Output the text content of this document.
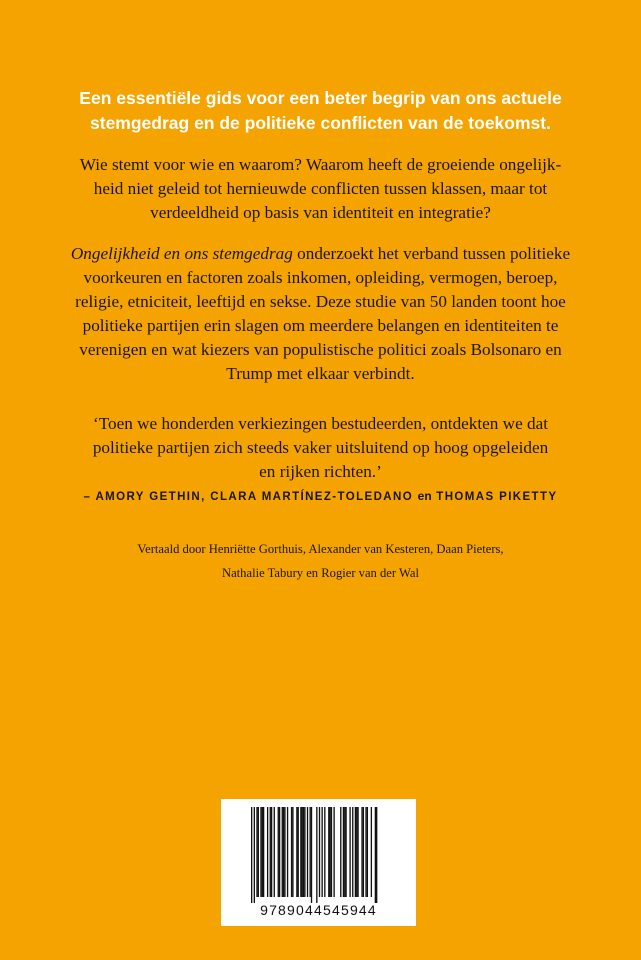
Een essentiële gids voor een beter begrip van ons actuele
stemgedrag en de politieke conflicten van de toekomst.
Wie stemt voor wie en waarom? Waarom heeft de groeiende ongelijk-
heid niet geleid tot hernieuwde conflicten tussen klassen, maar tot
verdeeldheid op basis van identiteit en integratie?
Ongelijkheid en ons stemgedrag onderzoekt het verband tussen politieke
voorkeuren en factoren zoals inkomen, opleiding, vermogen, beroep,
religie, etniciteit, leeftijd en sekse. Deze studie van 50 landen toont hoe
politieke partijen erin slagen om meerdere belangen en identiteiten te
verenigen en wat kiezers van populistische politici zoals Bolsonaro en
Trump met elkaar verbindt.
‘Toen we honderden verkiezingen bestudeerden, ontdekten we dat
politieke partijen zich steeds vaker uitsluitend op hoog opgeleiden
en rijken richten.’
– AMORY GETHIN, CLARA MARTÍNEZ-TOLEDANO en THOMAS PIKETTY
Vertaald door Henriëtte Gorthuis, Alexander van Kesteren, Daan Pieters,
Nathalie Tabury en Rogier van der Wal
9789044545944
